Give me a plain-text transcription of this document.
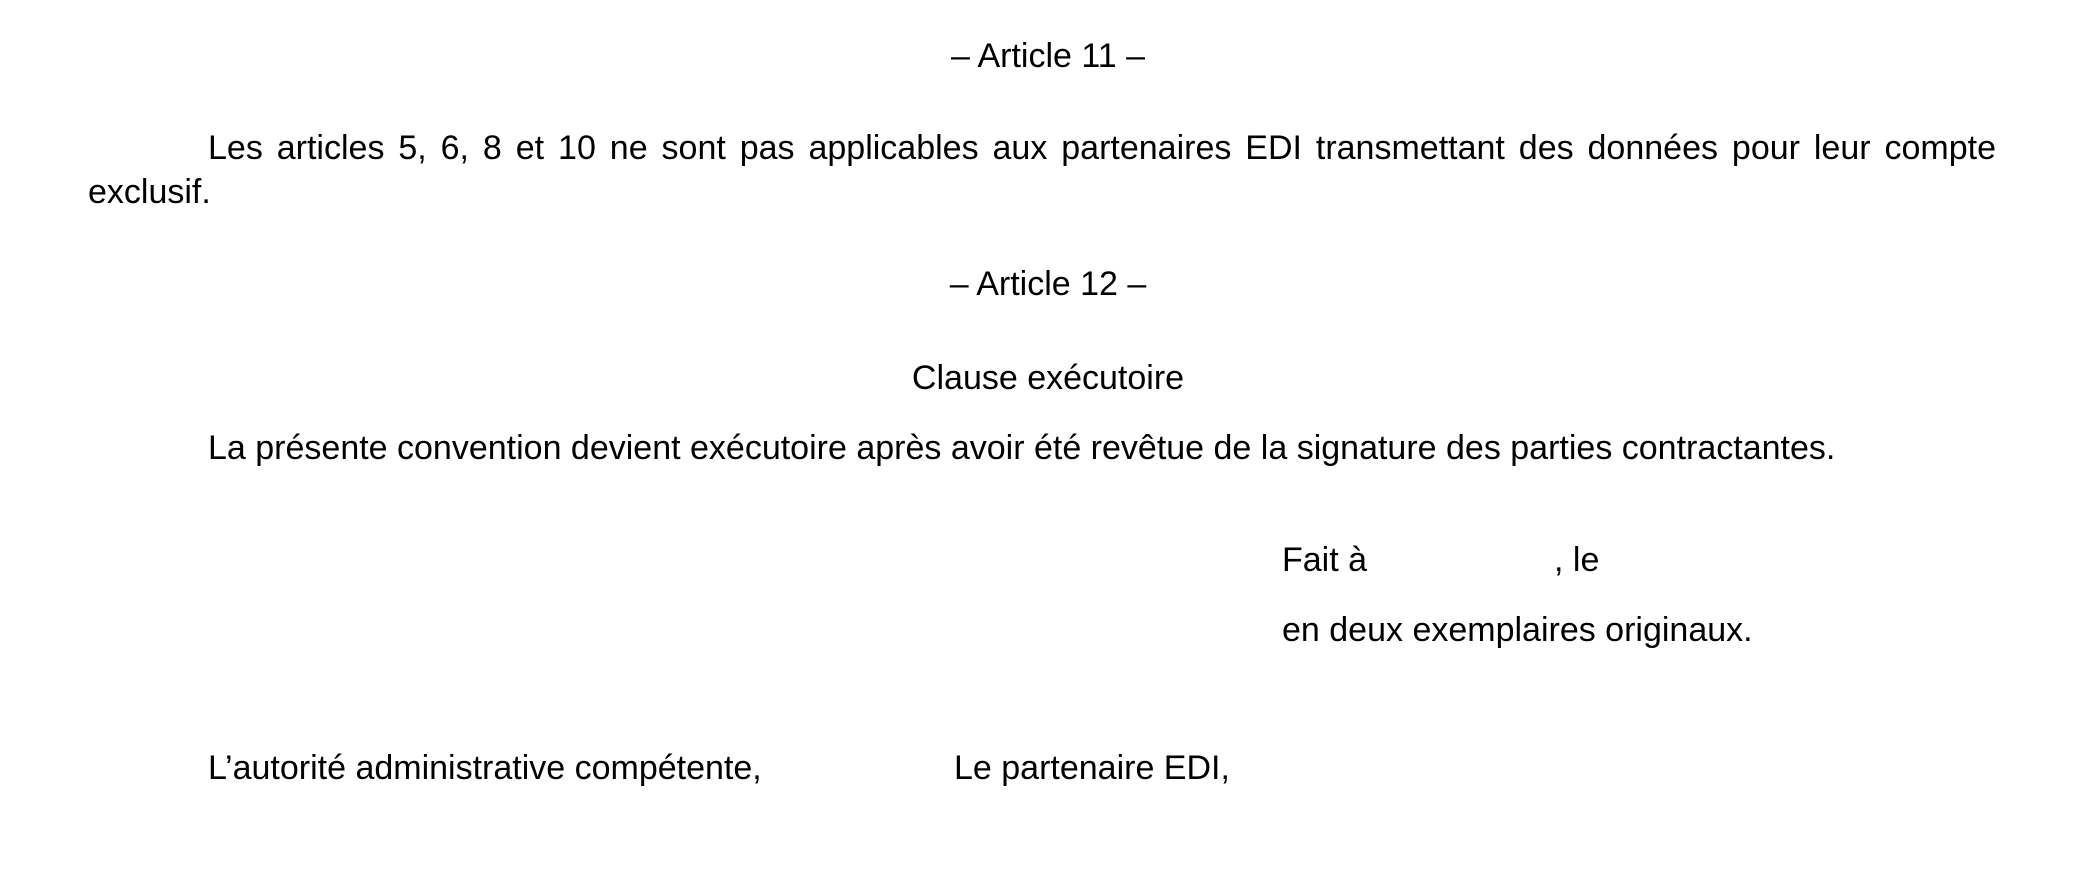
– Article 11 –
Les articles 5, 6, 8 et 10 ne sont pas applicables aux partenaires EDI transmettant des données pour leur compte exclusif.
– Article 12 –
Clause exécutoire
La présente convention devient exécutoire après avoir été revêtue de la signature des parties contractantes.
Fait à	, le
en deux exemplaires originaux.
L’autorité administrative compétente,	Le partenaire EDI,
